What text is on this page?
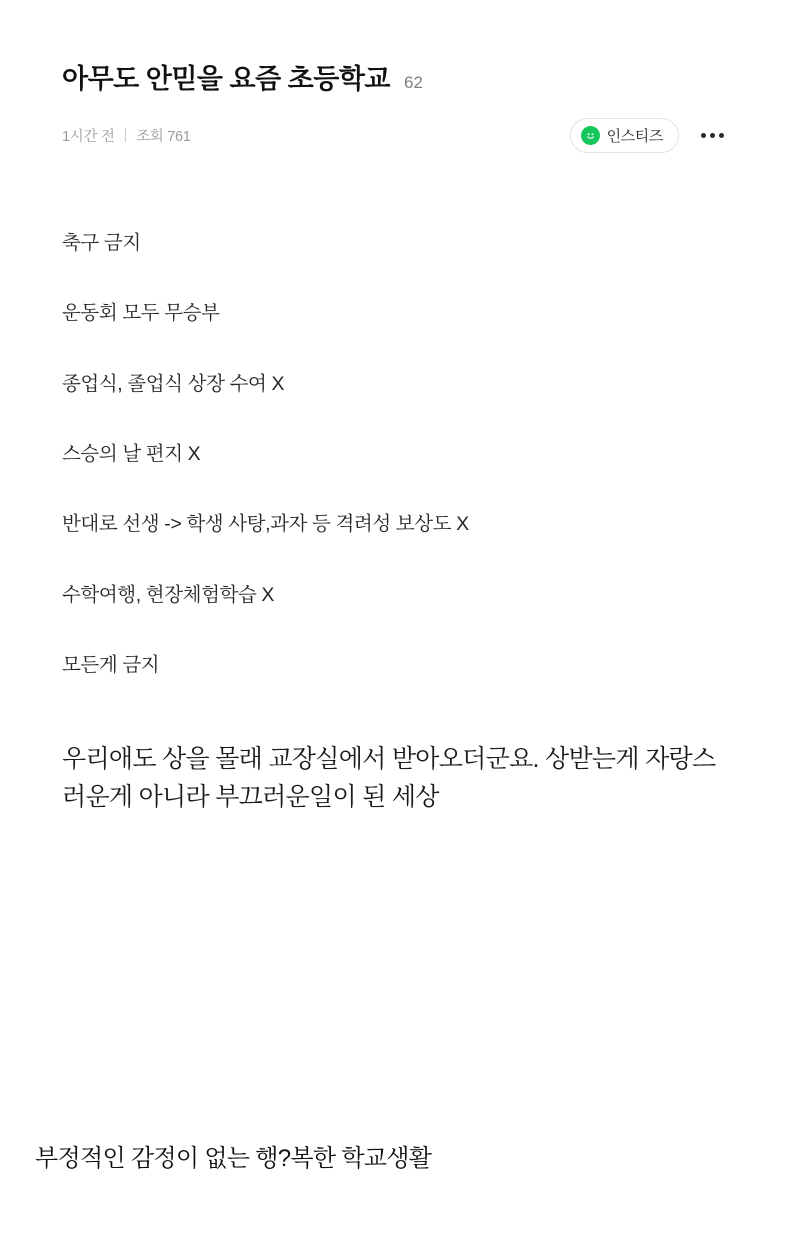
아무도 안믿을 요즘 초등학교 62
1시간 전 | 조회 761	인스티즈
축구 금지
운동회 모두 무승부
종업식, 졸업식 상장 수여 X
스승의 날 편지 X
반대로 선생 -> 학생 사탕,과자 등 격려성 보상도 X
수학여행, 현장체험학습 X
모든게 금지
우리애도 상을 몰래 교장실에서 받아오더군요. 상받는게 자랑스러운게 아니라 부끄러운일이 된 세상
부정적인 감정이 없는 행?복한 학교생활
